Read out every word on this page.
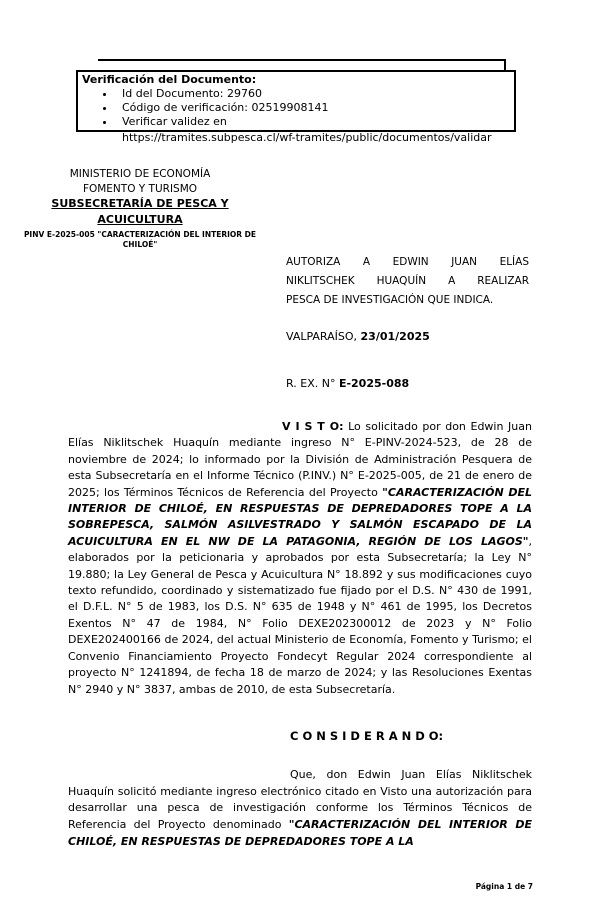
Verificación del Documento:
• Id del Documento: 29760
• Código de verificación: 02519908141
• Verificar validez en
https://tramites.subpesca.cl/wf-tramites/public/documentos/validar
MINISTERIO DE ECONOMÍA
FOMENTO Y TURISMO
SUBSECRETARÍA DE PESCA Y
ACUICULTURA
PINV E-2025-005 "CARACTERIZACIÓN DEL INTERIOR DE CHILOÉ"
AUTORIZA A EDWIN JUAN ELÍAS
NIKLITSCHEK HUAQUÍN A REALIZAR
PESCA DE INVESTIGACIÓN QUE INDICA.
VALPARAÍSO, 23/01/2025
R. EX. N° E-2025-088

V I S T O: Lo solicitado por don Edwin Juan Elías Niklitschek Huaquín mediante ingreso N° E-PINV-2024-523, de 28 de noviembre de 2024; lo informado por la División de Administración Pesquera de esta Subsecretaría en el Informe Técnico (P.INV.) N° E-2025-005, de 21 de enero de 2025; los Términos Técnicos de Referencia del Proyecto "CARACTERIZACIÓN DEL INTERIOR DE CHILOÉ, EN RESPUESTAS DE DEPREDADORES TOPE A LA SOBREPESCA, SALMÓN ASILVESTRADO Y SALMÓN ESCAPADO DE LA ACUICULTURA EN EL NW DE LA PATAGONIA, REGIÓN DE LOS LAGOS", elaborados por la peticionaria y aprobados por esta Subsecretaría; la Ley N° 19.880; la Ley General de Pesca y Acuicultura N° 18.892 y sus modificaciones cuyo texto refundido, coordinado y sistematizado fue fijado por el D.S. N° 430 de 1991, el D.F.L. N° 5 de 1983, los D.S. N° 635 de 1948 y N° 461 de 1995, los Decretos Exentos N° 47 de 1984, N° Folio DEXE202300012 de 2023 y N° Folio DEXE202400166 de 2024, del actual Ministerio de Economía, Fomento y Turismo; el Convenio Financiamiento Proyecto Fondecyt Regular 2024 correspondiente al proyecto N° 1241894, de fecha 18 de marzo de 2024; y las Resoluciones Exentas N° 2940 y N° 3837, ambas de 2010, de esta Subsecretaría.

C O N S I D E R A N D O:

Que, don Edwin Juan Elías Niklitschek Huaquín solicitó mediante ingreso electrónico citado en Visto una autorización para desarrollar una pesca de investigación conforme los Términos Técnicos de Referencia del Proyecto denominado "CARACTERIZACIÓN DEL INTERIOR DE CHILOÉ, EN RESPUESTAS DE DEPREDADORES TOPE A LA

Página 1 de 7
